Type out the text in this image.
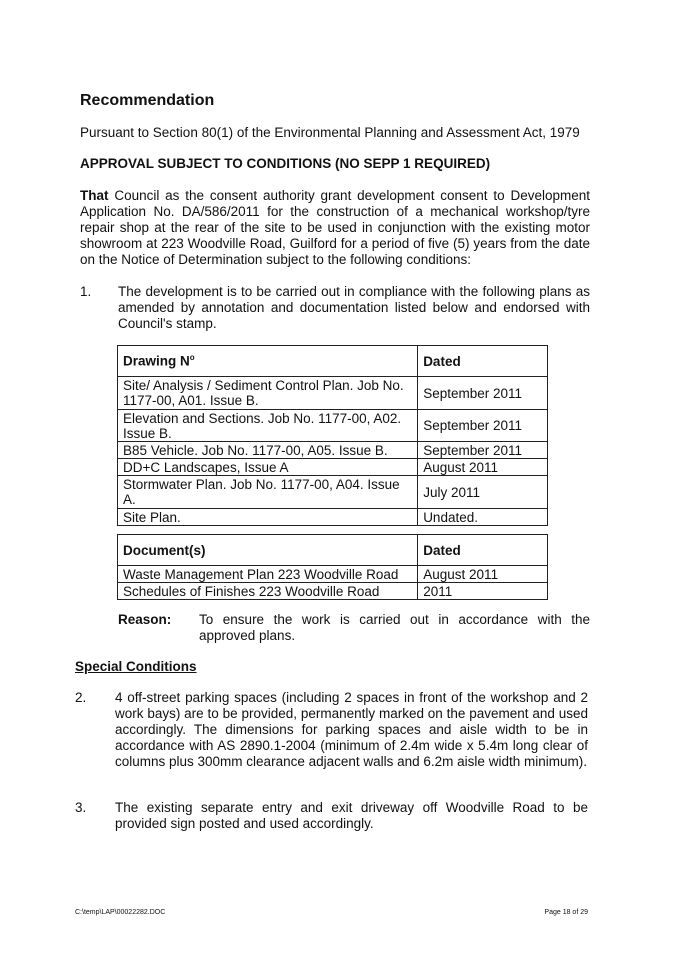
Recommendation
Pursuant to Section 80(1) of the Environmental Planning and Assessment Act, 1979
APPROVAL SUBJECT TO CONDITIONS (NO SEPP 1 REQUIRED)
That Council as the consent authority grant development consent to Development Application No. DA/586/2011 for the construction of a mechanical workshop/tyre repair shop at the rear of the site to be used in conjunction with the existing motor showroom at 223 Woodville Road, Guilford for a period of five (5) years from the date on the Notice of Determination subject to the following conditions:
1. The development is to be carried out in compliance with the following plans as amended by annotation and documentation listed below and endorsed with Council's stamp.
Drawing $N^o$	Dated
Site/ Analysis / Sediment Control Plan. Job No. 1177-00, A01. Issue B.	September 2011
Elevation and Sections. Job No. 1177-00, A02. Issue B.	September 2011
B85 Vehicle. Job No. 1177-00, A05. Issue B.	September 2011
DD+C Landscapes, Issue A	August 2011
Stormwater Plan. Job No. 1177-00, A04. Issue A.	July 2011
Site Plan.	Undated.
Document(s)	Dated
Waste Management Plan 223 Woodville Road	August 2011
Schedules of Finishes 223 Woodville Road	2011
Reason: To ensure the work is carried out in accordance with the approved plans.
Special Conditions
2. 4 off-street parking spaces (including 2 spaces in front of the workshop and 2 work bays) are to be provided, permanently marked on the pavement and used accordingly. The dimensions for parking spaces and aisle width to be in accordance with AS 2890.1-2004 (minimum of 2.4m wide x 5.4m long clear of columns plus 300mm clearance adjacent walls and 6.2m aisle width minimum).
3. The existing separate entry and exit driveway off Woodville Road to be provided sign posted and used accordingly.
C:\temp\LAP\00022282.DOC	Page 18 of 29
